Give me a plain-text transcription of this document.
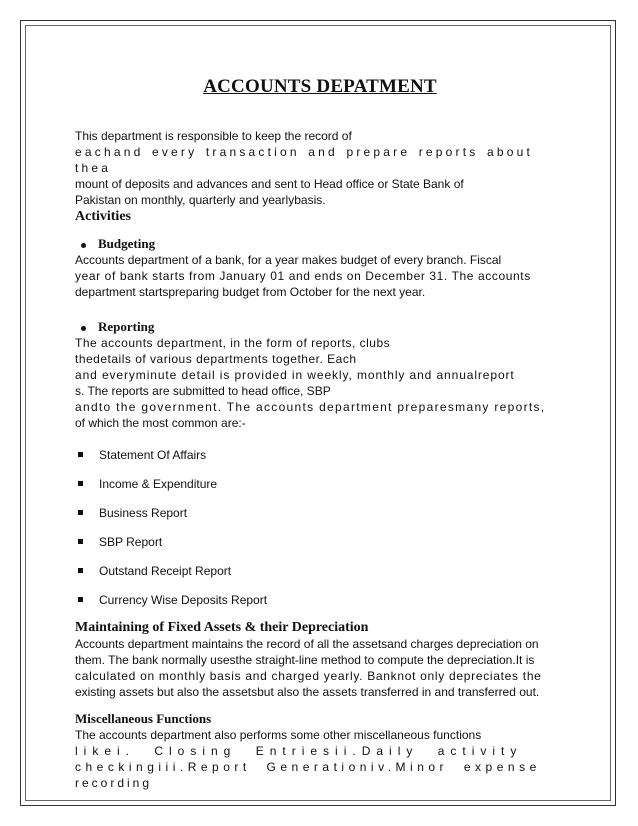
ACCOUNTS DEPATMENT

This department is responsible to keep the record of

eachand every transaction and prepare reports about thea

mount of deposits and advances and sent to Head office or State Bank of

Pakistan on monthly, quarterly and yearlybasis.

Activities
Budgeting

Accounts department of a bank, for a year makes budget of every branch. Fiscal

year of bank starts from January 01 and ends on December 31. The accounts

department startspreparing budget from October for the next year.

Reporting

The accounts department, in the form of reports, clubs

thedetails of various departments together. Each

and everyminute detail is provided in weekly, monthly and annualreport

s. The reports are submitted to head office, SBP

andto the government. The accounts department preparesmany reports,

of which the most common are:-

Statement Of Affairs
Income & Expenditure
Business Report
SBP Report
Outstand Receipt Report
Currency Wise Deposits Report
Maintaining of Fixed Assets & their Depreciation

Accounts department maintains the record of all the assetsand charges depreciation on

them. The bank normally usesthe straight-line method to compute the depreciation.It is

calculated on monthly basis and charged yearly. Banknot only depreciates the

existing assets but also the assetsbut also the assets transferred in and transferred out.

Miscellaneous Functions

The accounts department also performs some other miscellaneous functions

likei. Closing Entriesii.Daily activity

checkingiii.Report Generationiv.Minor expense

recording
